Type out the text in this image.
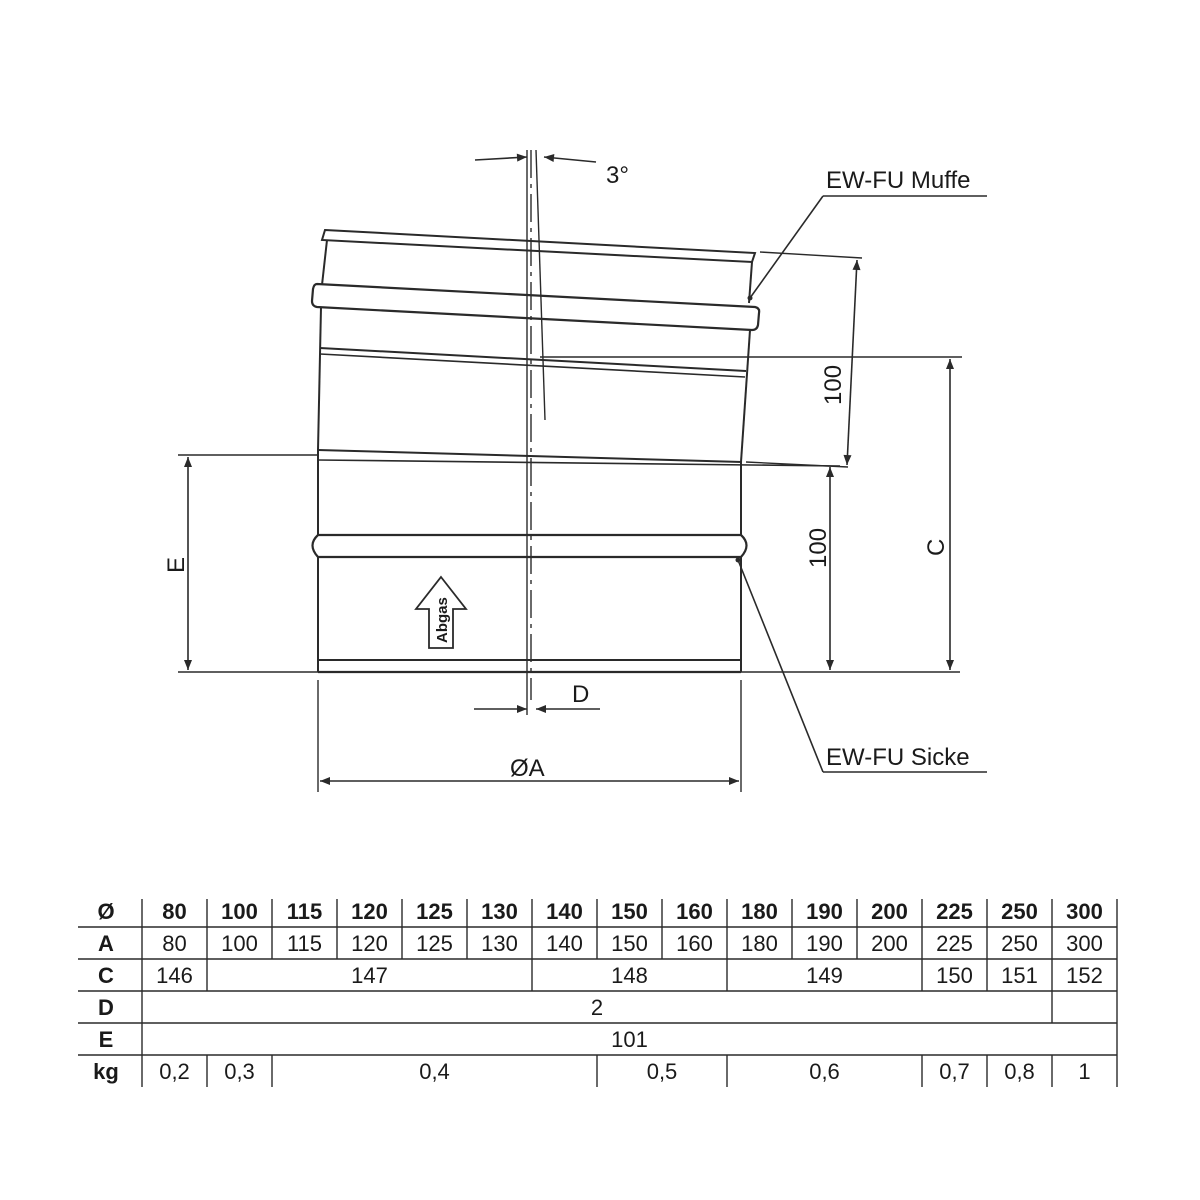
3°	EW-FU Muffe
EW-FU Sicke
100
100	C
E
D
ØA
Abgas
Ø 80 100 115 120 125 130 140 150 160 180 190 200 225 250 300
A 80 100 115 120 125 130 140 150 160 180 190 200 225 250 300
C 146	147	148	149	150 151 152
D	2
E	101
kg 0,2 0,3	0,4	0,5	0,6	0,7 0,8 1
